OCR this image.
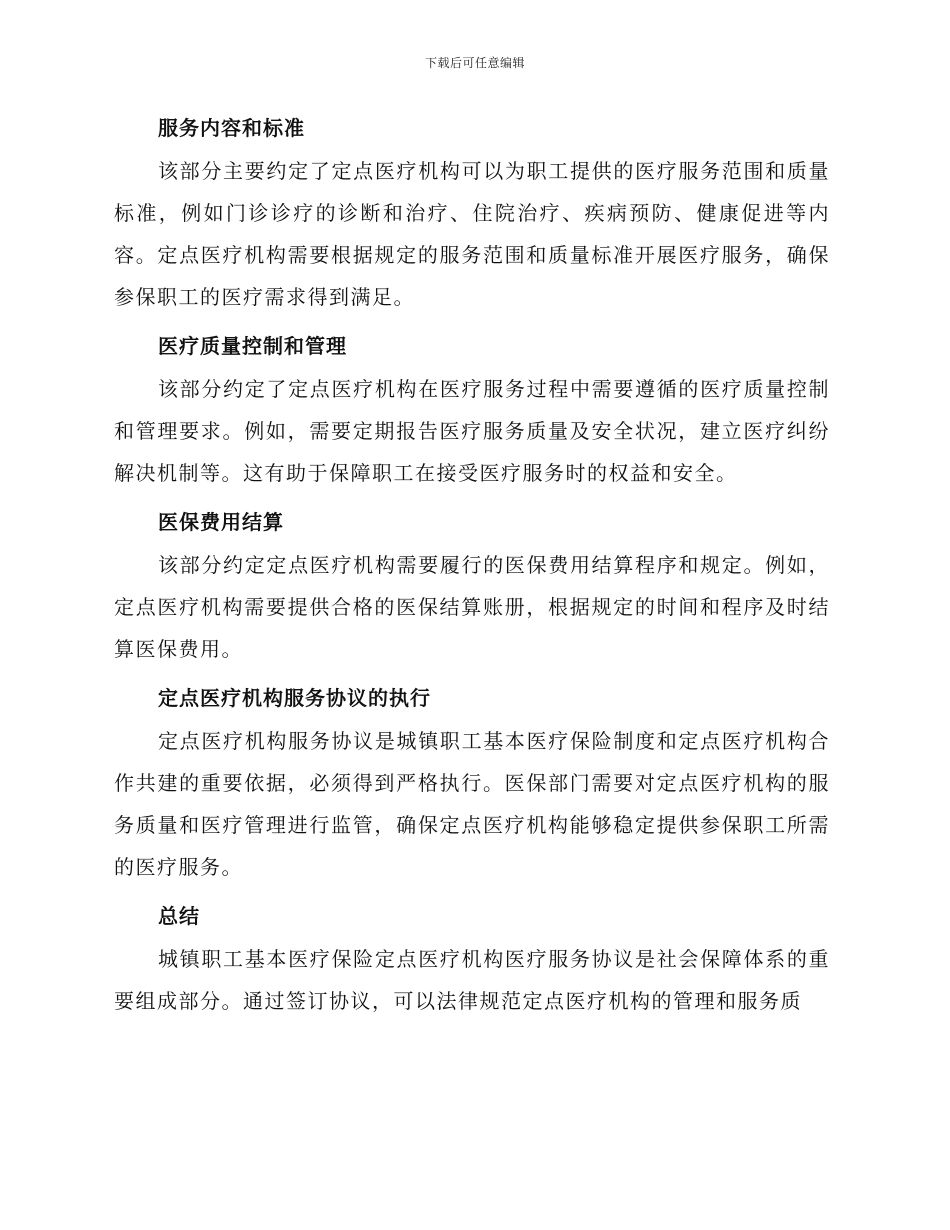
下载后可任意编辑
服务内容和标准

该部分主要约定了定点医疗机构可以为职工提供的医疗服务范围和质量标准，例如门诊诊疗的诊断和治疗、住院治疗、疾病预防、健康促进等内容。定点医疗机构需要根据规定的服务范围和质量标准开展医疗服务，确保参保职工的医疗需求得到满足。

医疗质量控制和管理

该部分约定了定点医疗机构在医疗服务过程中需要遵循的医疗质量控制和管理要求。例如，需要定期报告医疗服务质量及安全状况，建立医疗纠纷解决机制等。这有助于保障职工在接受医疗服务时的权益和安全。

医保费用结算

该部分约定定点医疗机构需要履行的医保费用结算程序和规定。例如，定点医疗机构需要提供合格的医保结算账册，根据规定的时间和程序及时结算医保费用。

定点医疗机构服务协议的执行

定点医疗机构服务协议是城镇职工基本医疗保险制度和定点医疗机构合作共建的重要依据，必须得到严格执行。医保部门需要对定点医疗机构的服务质量和医疗管理进行监管，确保定点医疗机构能够稳定提供参保职工所需的医疗服务。

总结

城镇职工基本医疗保险定点医疗机构医疗服务协议是社会保障体系的重要组成部分。通过签订协议，可以法律规范定点医疗机构的管理和服务质
